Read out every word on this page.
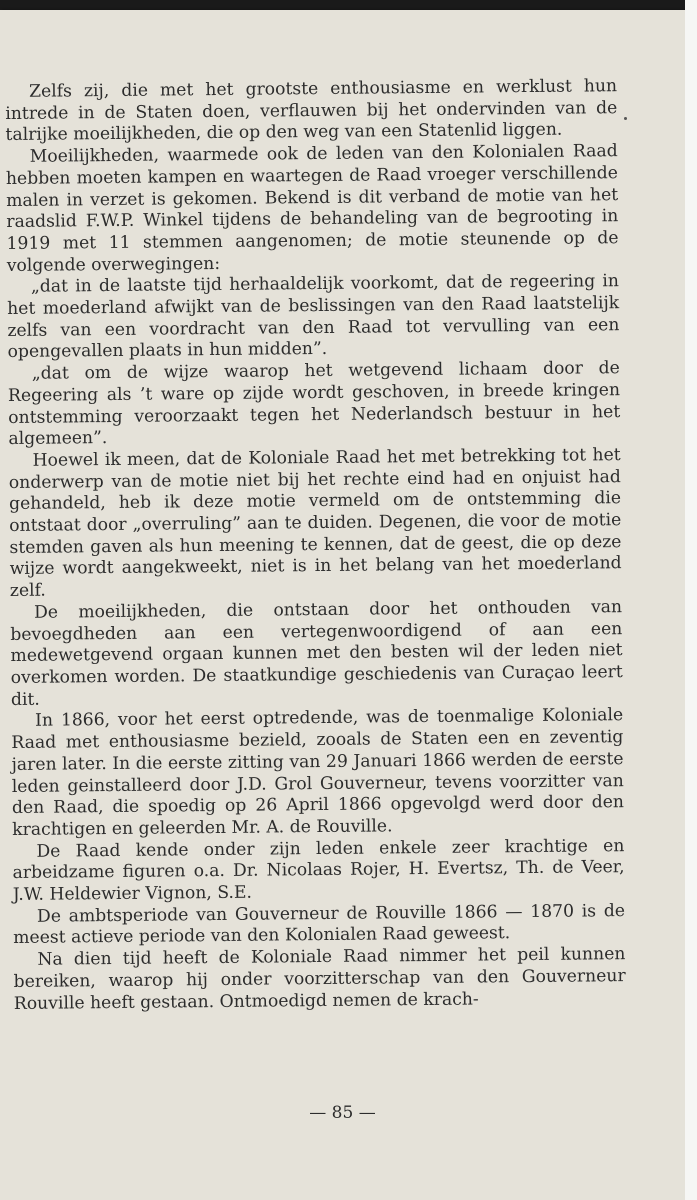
Zelfs zij, die met het grootste enthousiasme en werklust hun intrede in de Staten doen, verflauwen bij het ondervinden van de talrijke moeilijkheden, die op den weg van een Statenlid liggen.

Moeilijkheden, waarmede ook de leden van den Kolonialen Raad hebben moeten kampen en waartegen de Raad vroeger verschillende malen in verzet is gekomen. Bekend is dit verband de motie van het raadslid F.W.P. Winkel tijdens de behandeling van de begrooting in 1919 met 11 stemmen aangenomen; de motie steunende op de volgende overwegingen:

„dat in de laatste tijd herhaaldelijk voorkomt, dat de regeering in het moederland afwijkt van de beslissingen van den Raad laatstelijk zelfs van een voordracht van den Raad tot vervulling van een opengevallen plaats in hun midden”.

„dat om de wijze waarop het wetgevend lichaam door de Regeering als ’t ware op zijde wordt geschoven, in breede kringen ontstemming veroorzaakt tegen het Nederlandsch bestuur in het algemeen”.

Hoewel ik meen, dat de Koloniale Raad het met betrekking tot het onderwerp van de motie niet bij het rechte eind had en onjuist had gehandeld, heb ik deze motie vermeld om de ontstemming die ontstaat door „overruling” aan te duiden. Degenen, die voor de motie stemden gaven als hun meening te kennen, dat de geest, die op deze wijze wordt aangekweekt, niet is in het belang van het moederland zelf.

De moeilijkheden, die ontstaan door het onthouden van bevoegdheden aan een vertegenwoordigend of aan een medewetgevend orgaan kunnen met den besten wil der leden niet overkomen worden. De staatkundige geschiedenis van Curaçao leert dit.

In 1866, voor het eerst optredende, was de toenmalige Koloniale Raad met enthousiasme bezield, zooals de Staten een en zeventig jaren later. In die eerste zitting van 29 Januari 1866 werden de eerste leden geinstalleerd door J.D. Grol Gouverneur, tevens voorzitter van den Raad, die spoedig op 26 April 1866 opgevolgd werd door den krachtigen en geleerden Mr. A. de Rouville.

De Raad kende onder zijn leden enkele zeer krachtige en arbeidzame figuren o.a. Dr. Nicolaas Rojer, H. Evertsz, Th. de Veer, J.W. Heldewier Vignon, S.E.

De ambtsperiode van Gouverneur de Rouville 1866 — 1870 is de meest actieve periode van den Kolonialen Raad geweest.

Na dien tijd heeft de Koloniale Raad nimmer het peil kunnen bereiken, waarop hij onder voorzitterschap van den Gouverneur Rouville heeft gestaan. Ontmoedigd nemen de krach-

— 85 —
